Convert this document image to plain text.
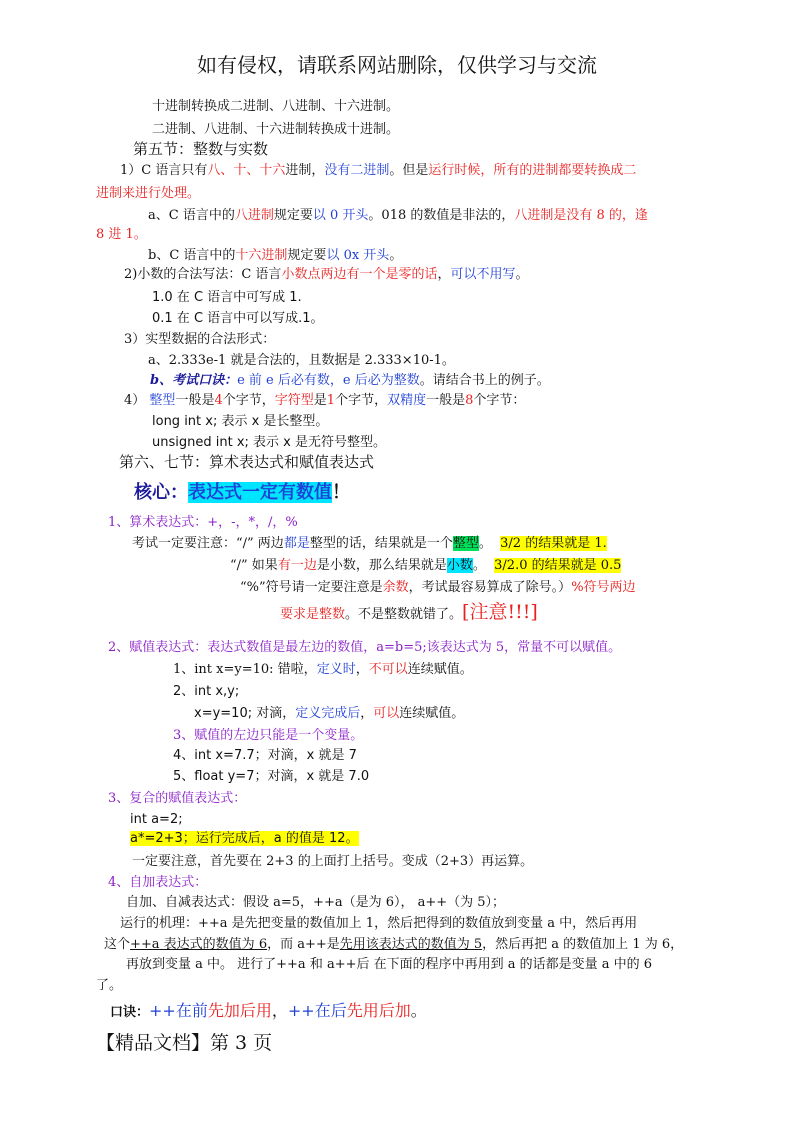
如有侵权，请联系网站删除，仅供学习与交流
十进制转换成二进制、八进制、十六进制。
二进制、八进制、十六进制转换成十进制。
第五节：整数与实数
1）C 语言只有八、十、十六进制，没有二进制。但是运行时候，所有的进制都要转换成二
进制来进行处理。
a、C 语言中的八进制规定要以 0 开头。018 的数值是非法的，八进制是没有 8 的，逢
8 进 1。
b、C 语言中的十六进制规定要以 0x 开头。
2)小数的合法写法：C 语言小数点两边有一个是零的话，可以不用写。
1.0 在 C 语言中可写成 1.
0.1 在 C 语言中可以写成.1。
3）实型数据的合法形式：
a、2.333e-1 就是合法的，且数据是 2.333×10-1。
b、考试口诀：e 前 e 后必有数，e 后必为整数。请结合书上的例子。
4） 整型一般是4个字节，字符型是1个字节，双精度一般是8个字节：
long int x; 表示 x 是长整型。
unsigned int x; 表示 x 是无符号整型。
第六、七节：算术表达式和赋值表达式
核心：表达式一定有数值！
1、算术表达式：+，-，*，/，%
考试一定要注意：“/” 两边都是整型的话，结果就是一个整型。 3/2 的结果就是 1.
“/” 如果有一边是小数，那么结果就是小数。 3/2.0 的结果就是 0.5
“%”符号请一定要注意是余数，考试最容易算成了除号。）%符号两边
要求是整数。不是整数就错了。[注意!!!]
2、赋值表达式：表达式数值是最左边的数值，a=b=5;该表达式为 5，常量不可以赋值。
1、int x=y=10: 错啦，定义时，不可以连续赋值。
2、int x,y;
x=y=10; 对滴，定义完成后，可以连续赋值。
3、赋值的左边只能是一个变量。
4、int x=7.7；对滴，x 就是 7
5、float y=7；对滴，x 就是 7.0
3、复合的赋值表达式：
int a=2;
a*=2+3；运行完成后，a 的值是 12。
一定要注意，首先要在 2+3 的上面打上括号。变成（2+3）再运算。
4、自加表达式：
自加、自减表达式：假设 a=5，++a（是为 6）， a++（为 5）；
运行的机理：++a 是先把变量的数值加上 1，然后把得到的数值放到变量 a 中，然后再用
这个++a 表达式的数值为 6，而 a++是先用该表达式的数值为 5，然后再把 a 的数值加上 1 为 6，
再放到变量 a 中。 进行了++a 和 a++后 在下面的程序中再用到 a 的话都是变量 a 中的 6
了。
口诀：++在前先加后用，++在后先用后加。
【精品文档】第 3 页
